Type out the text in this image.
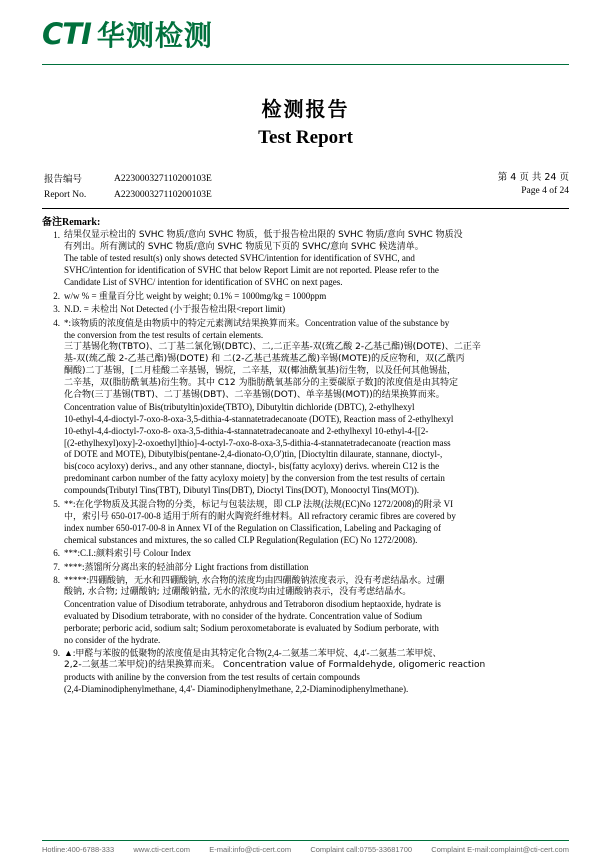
CTI 华测检测
检测报告
Test Report
报告编号	A223000327110200103E
Report No.	A223000327110200103E
第 4 页 共 24 页
Page 4 of 24
备注Remark:
1. 结果仅显示检出的 SVHC 物质/意向 SVHC 物质，低于报告检出限的 SVHC 物质/意向 SVHC 物质没
有列出。所有测试的 SVHC 物质/意向 SVHC 物质见下页的 SVHC/意向 SVHC 候选清单。
The table of tested result(s) only shows detected SVHC/intention for identification of SVHC, and
SVHC/intention for identification of SVHC that below Report Limit are not reported. Please refer to the
Candidate List of SVHC/ intention for identification of SVHC on next pages.
2. w/w % = 重量百分比 weight by weight; 0.1% = 1000mg/kg = 1000ppm
3. N.D. = 未检出 Not Detected (小于报告检出限<report limit)
4. *:该物质的浓度值是由物质中的特定元素测试结果换算而来。Concentration value of the substance by
the conversion from the test results of certain elements.
三丁基锡化物(TBTO)、二丁基二氯化锡(DBTC)、二,二正辛基-双(巯乙酸 2-乙基己酯)锡(DOTE)、二正辛
基-双(巯乙酸 2-乙基己酯)锡(DOTE) 和 二(2-乙基己基巯基乙酸)辛锡(MOTE)的反应物和，双(乙酰丙
酮酸)二丁基锡，[二月桂酸二辛基锡，锡烷，二辛基，双(椰油酰氧基)衍生物，以及任何其他锡盐，
二辛基，双(脂肪酰氧基)衍生物。其中 C12 为脂肪酰氧基部分的主要碳原子数]的浓度值是由其特定
化合物(三丁基锡(TBT)、二丁基锡(DBT)、二辛基锡(DOT)、单辛基锡(MOT))的结果换算而来。
Concentration value of Bis(tributyltin)oxide(TBTO), Dibutyltin dichloride (DBTC), 2-ethylhexyl
10-ethyl-4,4-dioctyl-7-oxo-8-oxa-3,5-dithia-4-stannatetradecanoate (DOTE), Reaction mass of 2-ethylhexyl
10-ethyl-4,4-dioctyl-7-oxo-8- oxa-3,5-dithia-4-stannatetradecanoate and 2-ethylhexyl 10-ethyl-4-[[2-
[(2-ethylhexyl)oxy]-2-oxoethyl]thio]-4-octyl-7-oxo-8-oxa-3,5-dithia-4-stannatetradecanoate (reaction mass
of DOTE and MOTE), Dibutylbis(pentane-2,4-dionato-O,O')tin, [Dioctyltin dilaurate, stannane, dioctyl-,
bis(coco acyloxy) derivs., and any other stannane, dioctyl-, bis(fatty acyloxy) derivs. wherein C12 is the
predominant carbon number of the fatty acyloxy moiety] by the conversion from the test results of certain
compounds(Tributyl Tins(TBT), Dibutyl Tins(DBT), Dioctyl Tins(DOT), Monooctyl Tins(MOT)).
5. **:在化学物质及其混合物的分类，标记与包装法规，即 CLP 法规(法规(EC)No 1272/2008)的附录 VI
中，索引号 650-017-00-8 适用于所有的耐火陶瓷纤维材料。All refractory ceramic fibres are covered by
index number 650-017-00-8 in Annex VI of the Regulation on Classification, Labeling and Packaging of
chemical substances and mixtures, the so called CLP Regulation(Regulation (EC) No 1272/2008).
6. ***:C.I.:颜料索引号 Colour Index
7. ****:蒸馏所分离出来的轻油部分 Light fractions from distillation
8. *****:四硼酸钠，无水和四硼酸钠, 水合物的浓度均由四硼酸钠浓度表示，没有考虑结晶水。过硼
酸钠, 水合物; 过硼酸钠; 过硼酸钠盐, 无水的浓度均由过硼酸钠表示，没有考虑结晶水。
Concentration value of Disodium tetraborate, anhydrous and Tetraboron disodium heptaoxide, hydrate is
evaluated by Disodium tetraborate, with no consider of the hydrate. Concentration value of Sodium
perborate; perboric acid, sodium salt; Sodium peroxometaborate is evaluated by Sodium perborate, with
no consider of the hydrate.
9. ▲:甲醛与苯胺的低聚物的浓度值是由其特定化合物(2,4-二氨基二苯甲烷、4,4'-二氨基二苯甲烷、
2,2-二氨基二苯甲烷)的结果换算而来。 Concentration value of Formaldehyde, oligomeric reaction
products with aniline by the conversion from the test results of certain compounds
(2,4-Diaminodiphenylmethane, 4,4'- Diaminodiphenylmethane, 2,2-Diaminodiphenylmethane).
Hotline:400-6788-333	www.cti-cert.com	E-mail:info@cti-cert.com	Complaint call:0755-33681700	Complaint E-mail:complaint@cti-cert.com
